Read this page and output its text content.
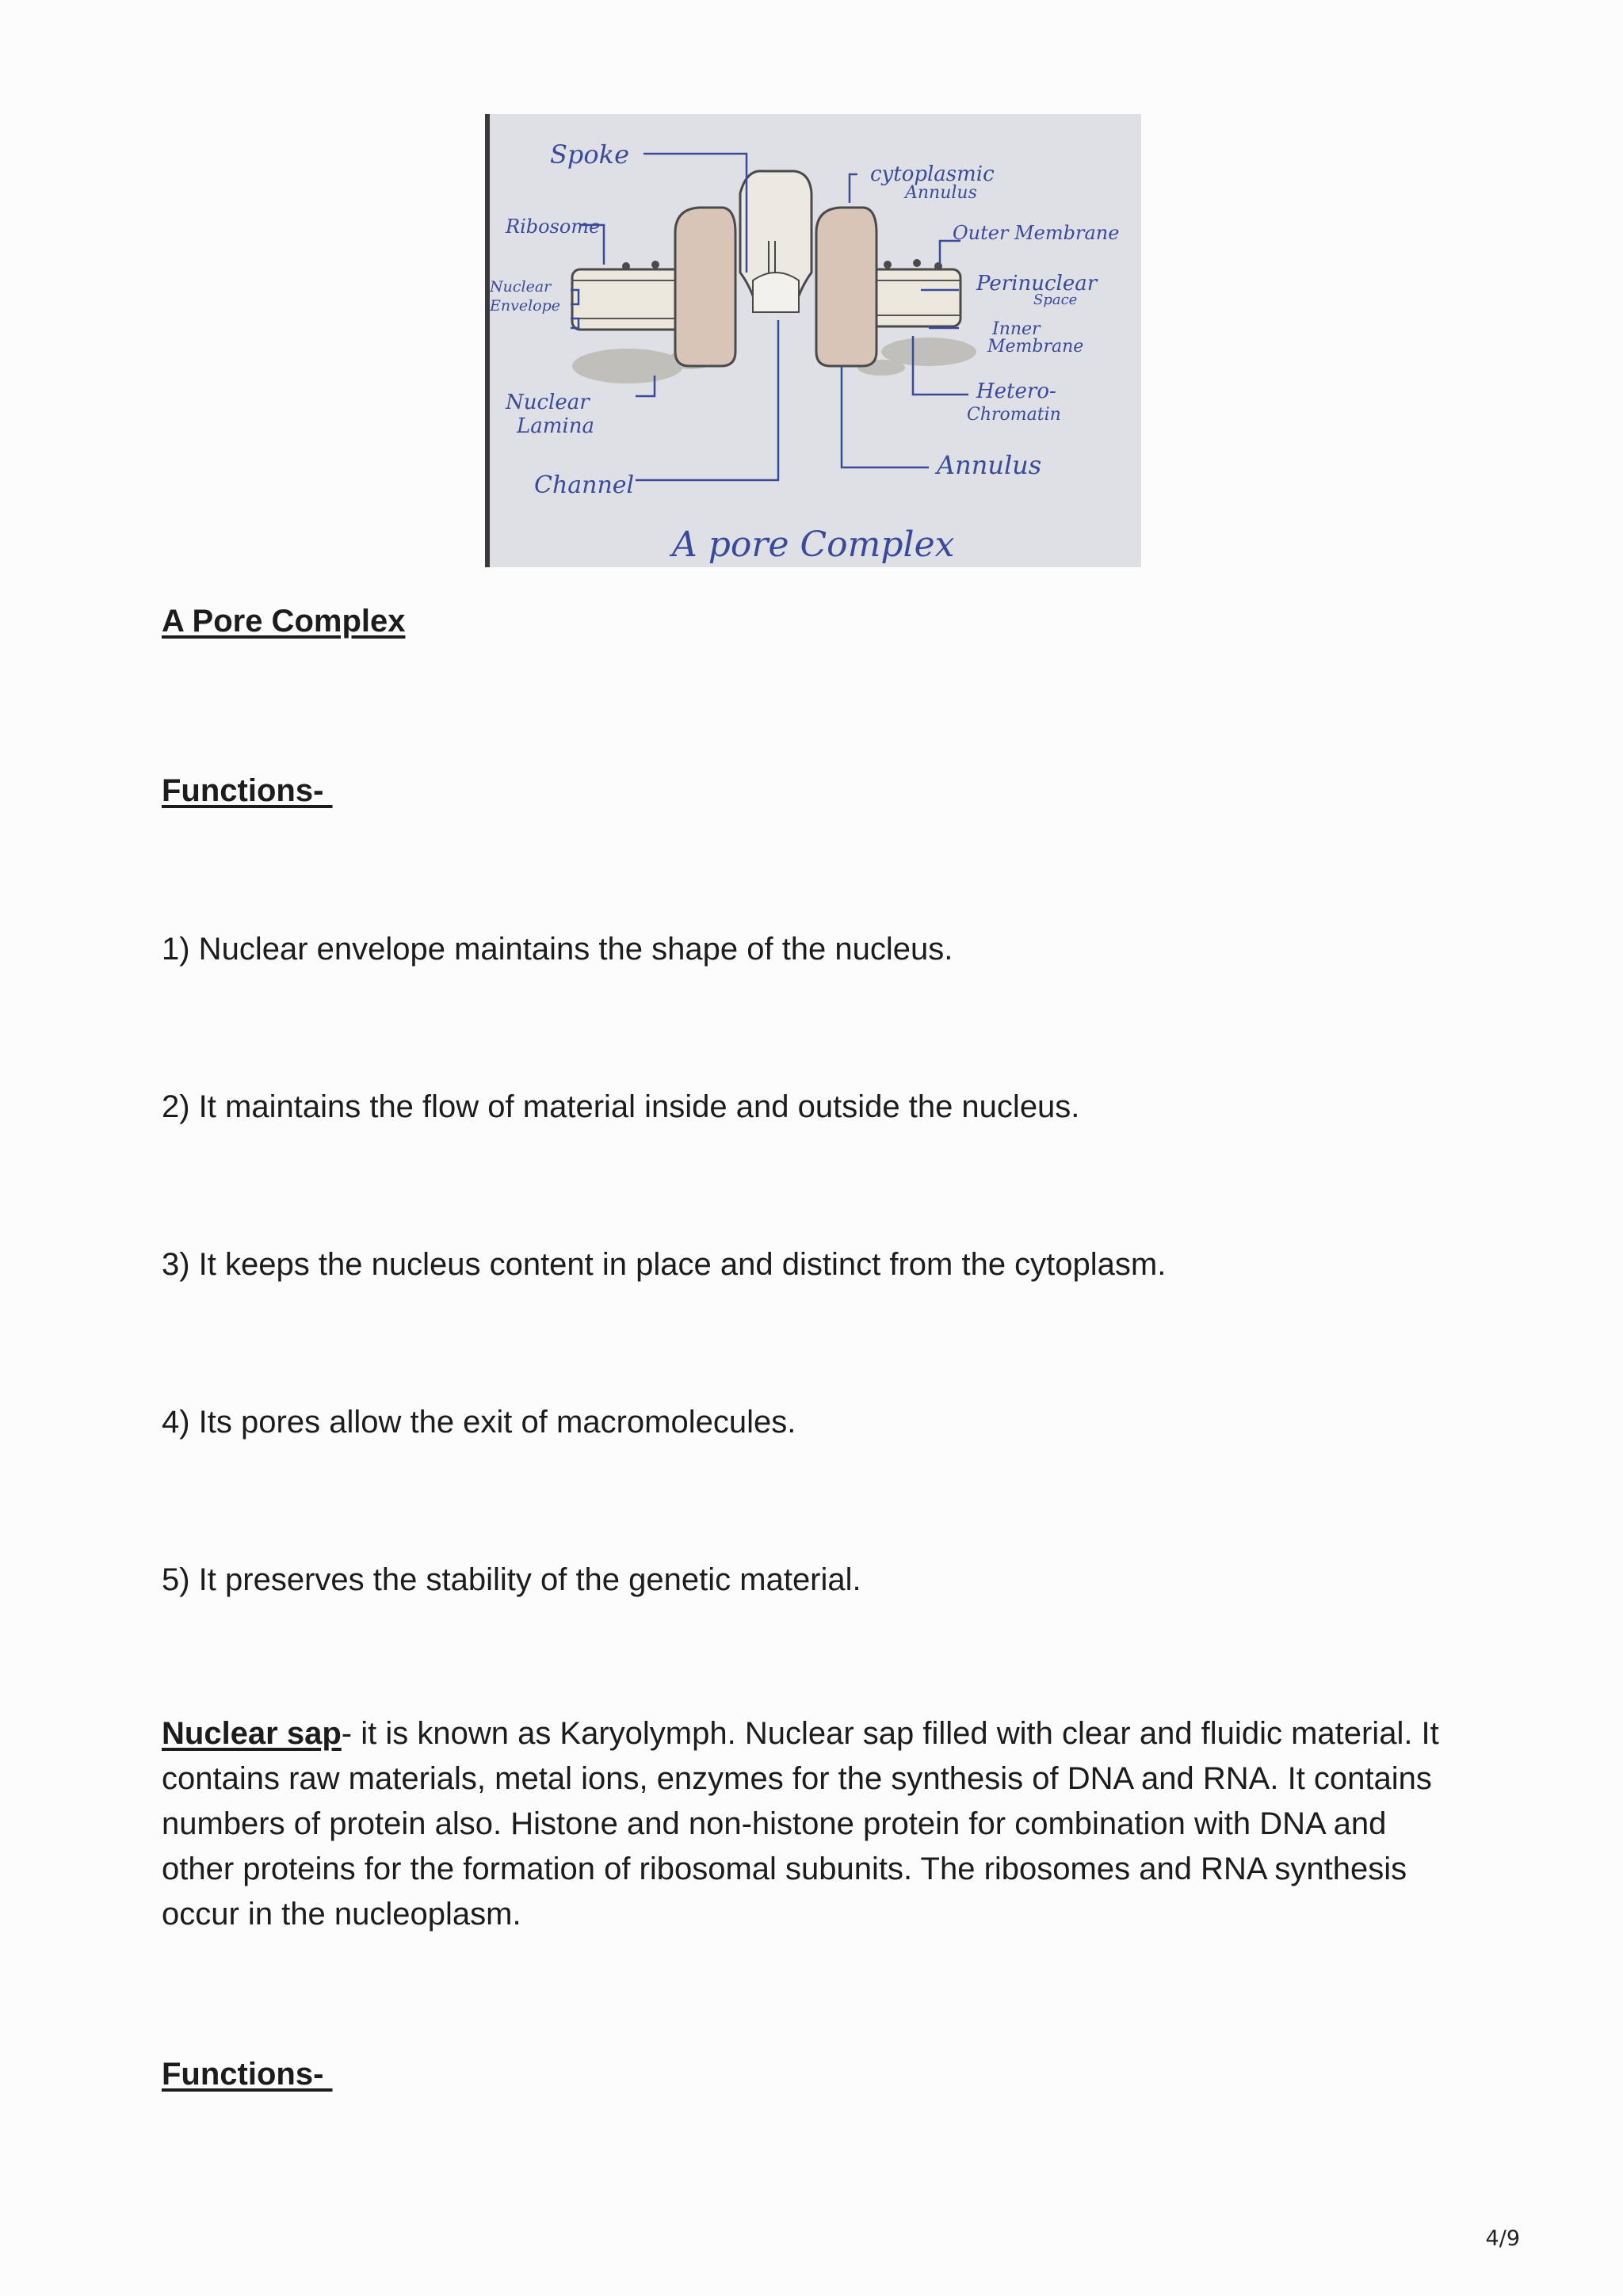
Spoke
Ribosome
Nuclear
Envelope
Nuclear
Lamina
Channel
cytoplasmic
Annulus
Outer Membrane
Perinuclear
Space
Inner
Membrane
Hetero-
Chromatin
Annulus
A pore Complex
A Pore Complex
Functions-
1) Nuclear envelope maintains the shape of the nucleus.
2) It maintains the flow of material inside and outside the nucleus.
3) It keeps the nucleus content in place and distinct from the cytoplasm.
4) Its pores allow the exit of macromolecules.
5) It preserves the stability of the genetic material.
Nuclear sap- it is known as Karyolymph. Nuclear sap filled with clear and fluidic material. It contains raw materials, metal ions, enzymes for the synthesis of DNA and RNA. It contains numbers of protein also. Histone and non-histone protein for combination with DNA and other proteins for the formation of ribosomal subunits. The ribosomes and RNA synthesis occur in the nucleoplasm.
Functions-
4/9
